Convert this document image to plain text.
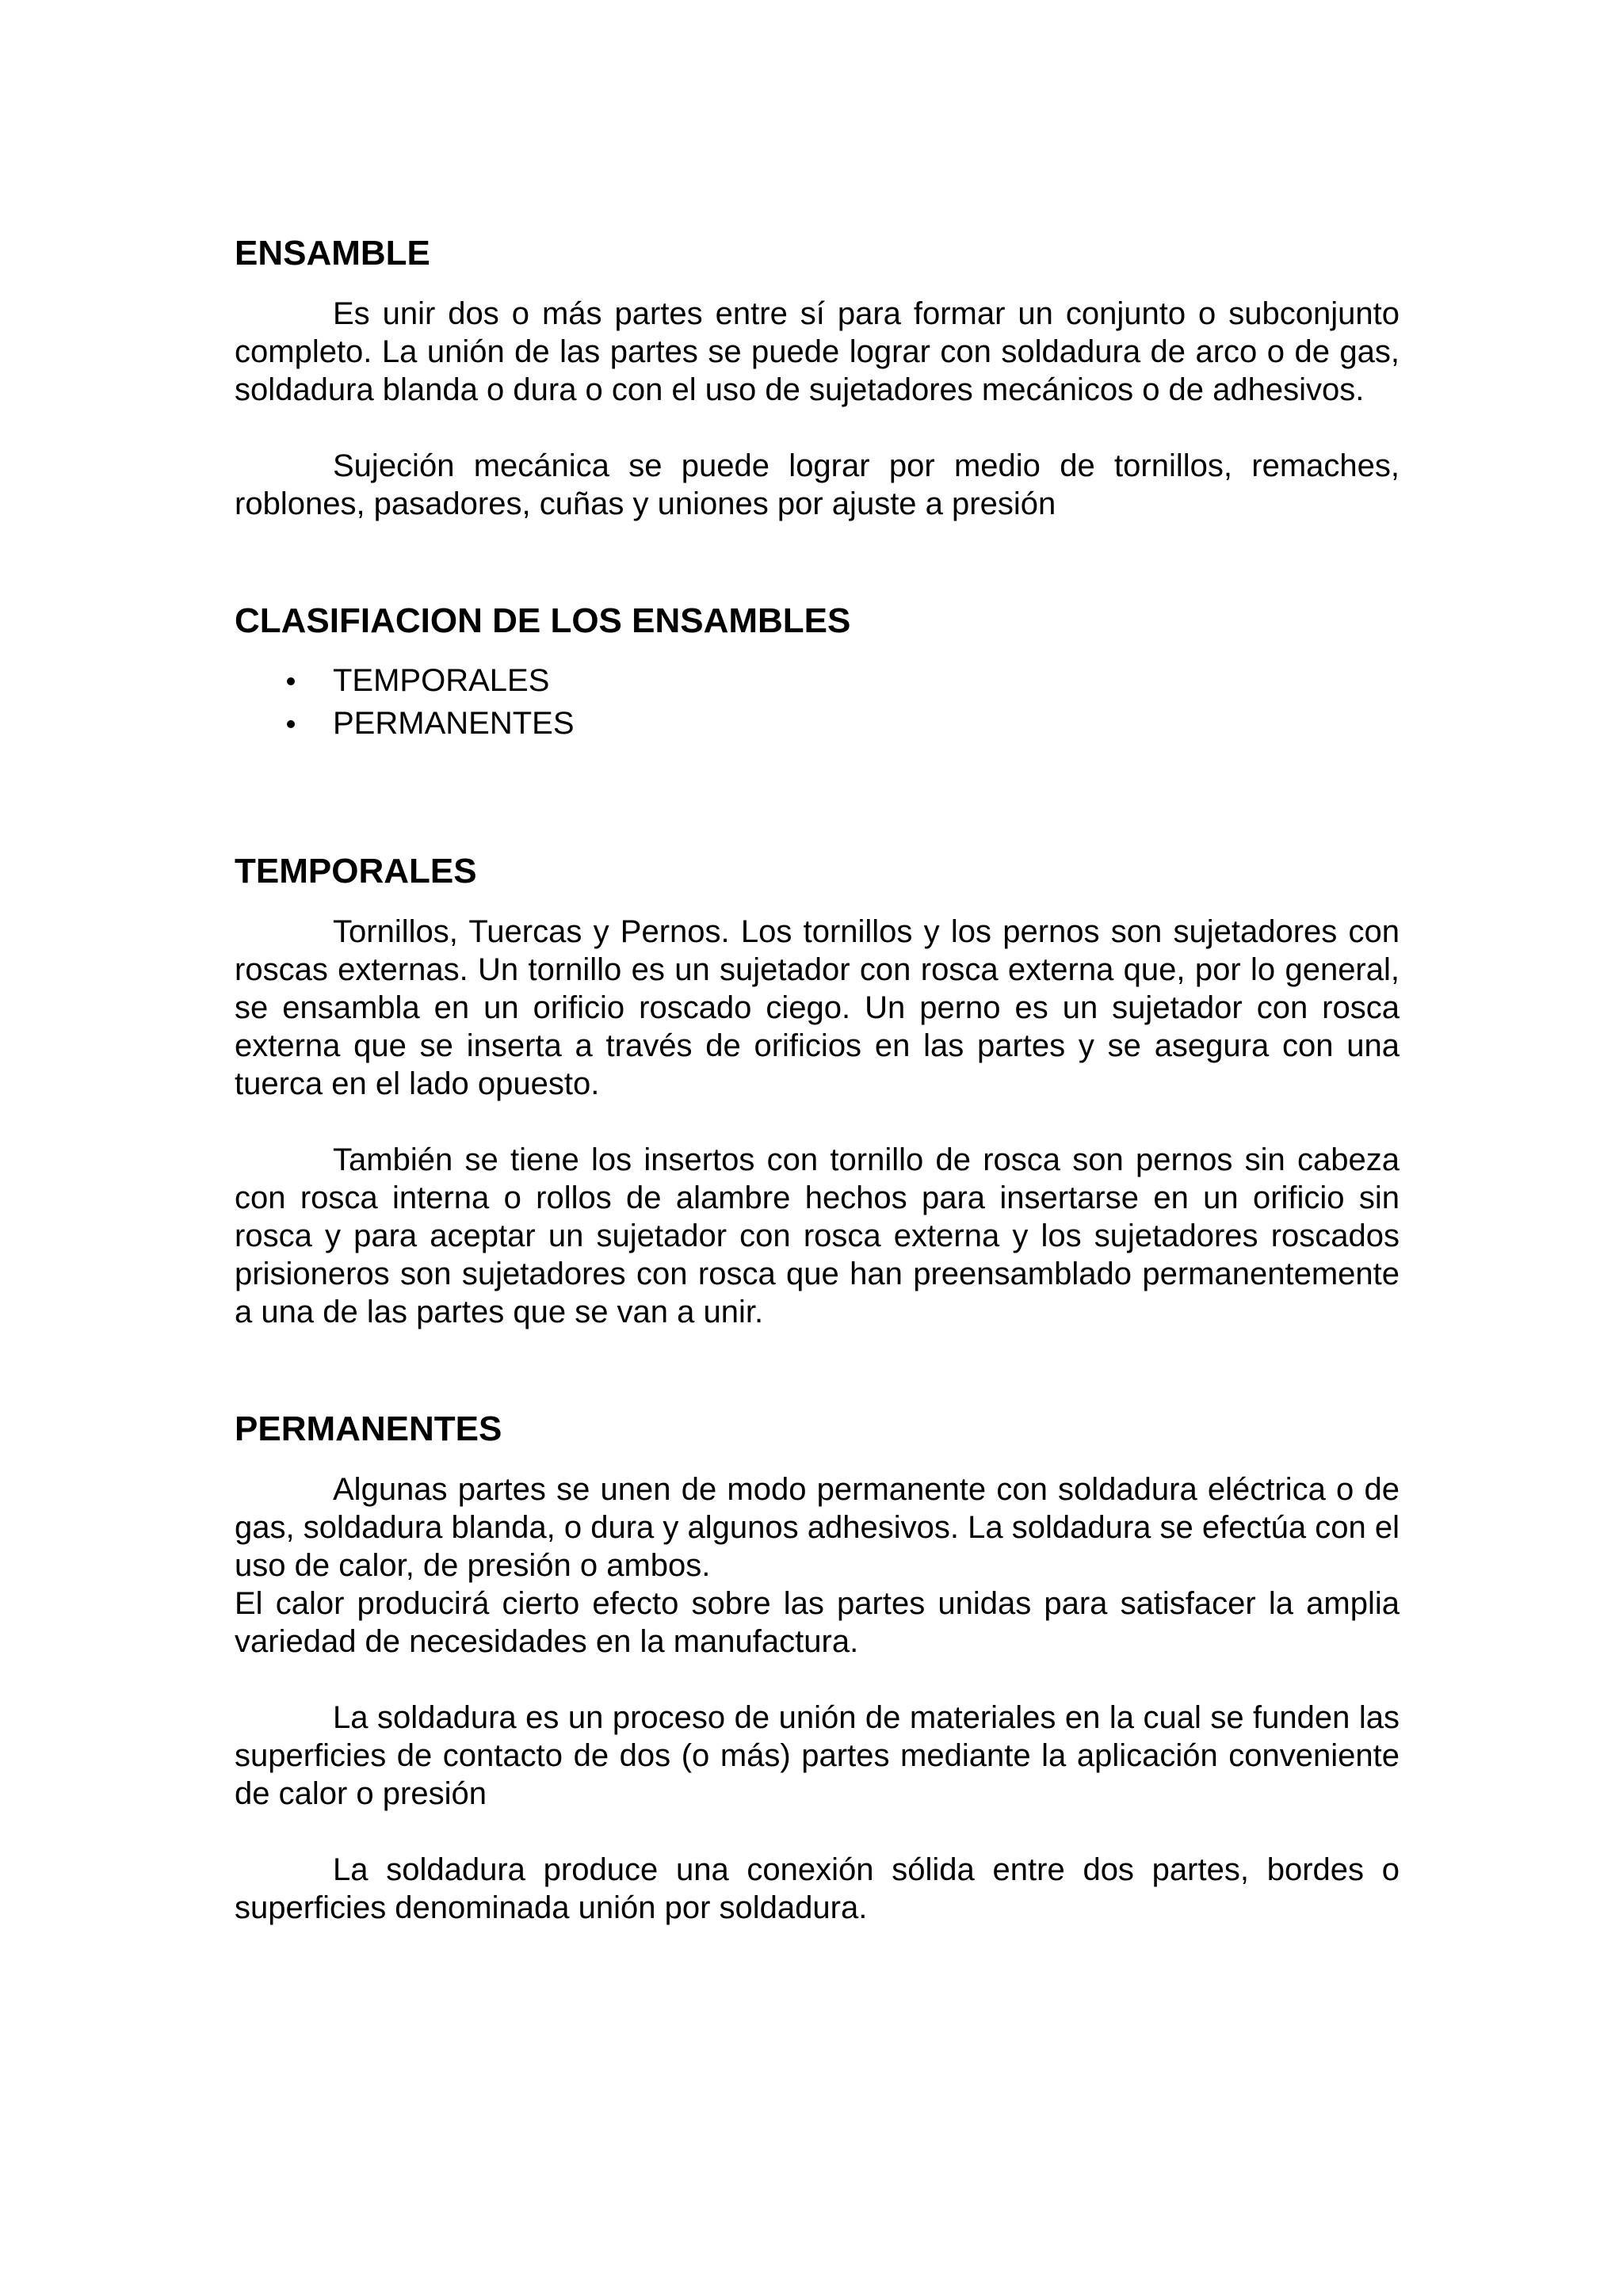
ENSAMBLE

Es unir dos o más partes entre sí para formar un conjunto o subconjunto completo. La unión de las partes se puede lograr con soldadura de arco o de gas, soldadura blanda o dura o con el uso de sujetadores mecánicos o de adhesivos.

Sujeción mecánica se puede lograr por medio de tornillos, remaches, roblones, pasadores, cuñas y uniones por ajuste a presión

CLASIFIACION DE LOS ENSAMBLES
TEMPORALES
PERMANENTES
TEMPORALES

Tornillos, Tuercas y Pernos. Los tornillos y los pernos son sujetadores con roscas externas. Un tornillo es un sujetador con rosca externa que, por lo general, se ensambla en un orificio roscado ciego. Un perno es un sujetador con rosca externa que se inserta a través de orificios en las partes y se asegura con una tuerca en el lado opuesto.

También se tiene los insertos con tornillo de rosca son pernos sin cabeza con rosca interna o rollos de alambre hechos para insertarse en un orificio sin rosca y para aceptar un sujetador con rosca externa y los sujetadores roscados prisioneros son sujetadores con rosca que han preensamblado permanentemente a una de las partes que se van a unir.

PERMANENTES

Algunas partes se unen de modo permanente con soldadura eléctrica o de gas, soldadura blanda, o dura y algunos adhesivos. La soldadura se efectúa con el uso de calor, de presión o ambos.

El calor producirá cierto efecto sobre las partes unidas para satisfacer la amplia variedad de necesidades en la manufactura.

La soldadura es un proceso de unión de materiales en la cual se funden las superficies de contacto de dos (o más) partes mediante la aplicación conveniente de calor o presión

La soldadura produce una conexión sólida entre dos partes, bordes o superficies denominada unión por soldadura.
